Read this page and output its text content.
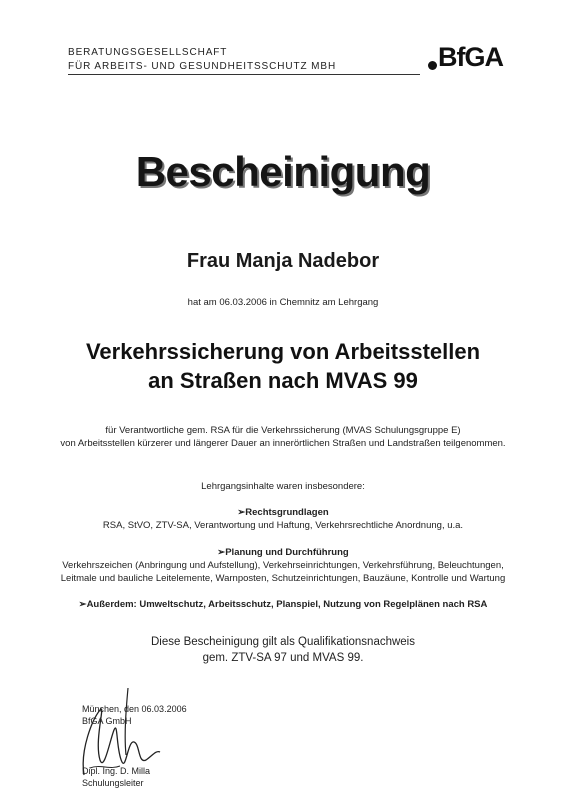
BERATUNGSGESELLSCHAFT
FÜR ARBEITS- UND GESUNDHEITSSCHUTZ MBH	BfGA
Bescheinigung
Frau Manja Nadebor
hat am 06.03.2006 in Chemnitz am Lehrgang
Verkehrssicherung von Arbeitsstellen
an Straßen nach MVAS 99
für Verantwortliche gem. RSA für die Verkehrssicherung (MVAS Schulungsgruppe E)
von Arbeitsstellen kürzerer und längerer Dauer an innerörtlichen Straßen und Landstraßen teilgenommen.
Lehrgangsinhalte waren insbesondere:
➢Rechtsgrundlagen
RSA, StVO, ZTV-SA, Verantwortung und Haftung, Verkehrsrechtliche Anordnung, u.a.
➢Planung und Durchführung
Verkehrszeichen (Anbringung und Aufstellung), Verkehrseinrichtungen, Verkehrsführung, Beleuchtungen,
Leitmale und bauliche Leitelemente, Warnposten, Schutzeinrichtungen, Bauzäune, Kontrolle und Wartung
➢Außerdem: Umweltschutz, Arbeitsschutz, Planspiel, Nutzung von Regelplänen nach RSA
Diese Bescheinigung gilt als Qualifikationsnachweis
gem. ZTV-SA 97 und MVAS 99.
München, den 06.03.2006
BfGA GmbH
Dipl. Ing. D. Milla
Schulungsleiter
